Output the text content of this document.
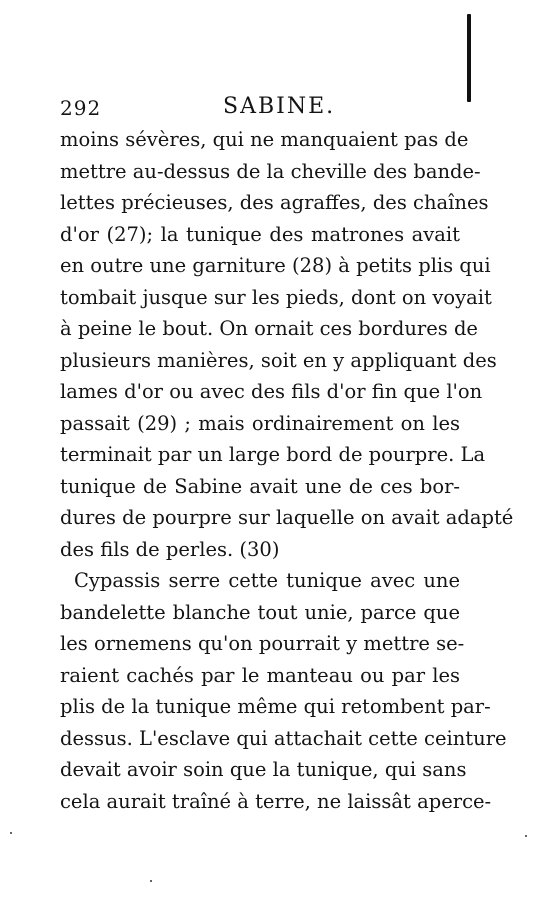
292	SABINE.
moins sévères, qui ne manquaient pas de
mettre au-dessus de la cheville des bande-
lettes précieuses, des agraffes, des chaînes
d'or (27); la tunique des matrones avait
en outre une garniture (28) à petits plis qui
tombait jusque sur les pieds, dont on voyait
à peine le bout. On ornait ces bordures de
plusieurs manières, soit en y appliquant des
lames d'or ou avec des fils d'or fin que l'on
passait (29) ; mais ordinairement on les
terminait par un large bord de pourpre. La
tunique de Sabine avait une de ces bor-
dures de pourpre sur laquelle on avait adapté
des fils de perles. (30)
Cypassis serre cette tunique avec une
bandelette blanche tout unie, parce que
les ornemens qu'on pourrait y mettre se-
raient cachés par le manteau ou par les
plis de la tunique même qui retombent par-
dessus. L'esclave qui attachait cette ceinture
devait avoir soin que la tunique, qui sans
cela aurait traîné à terre, ne laissât aperce-
